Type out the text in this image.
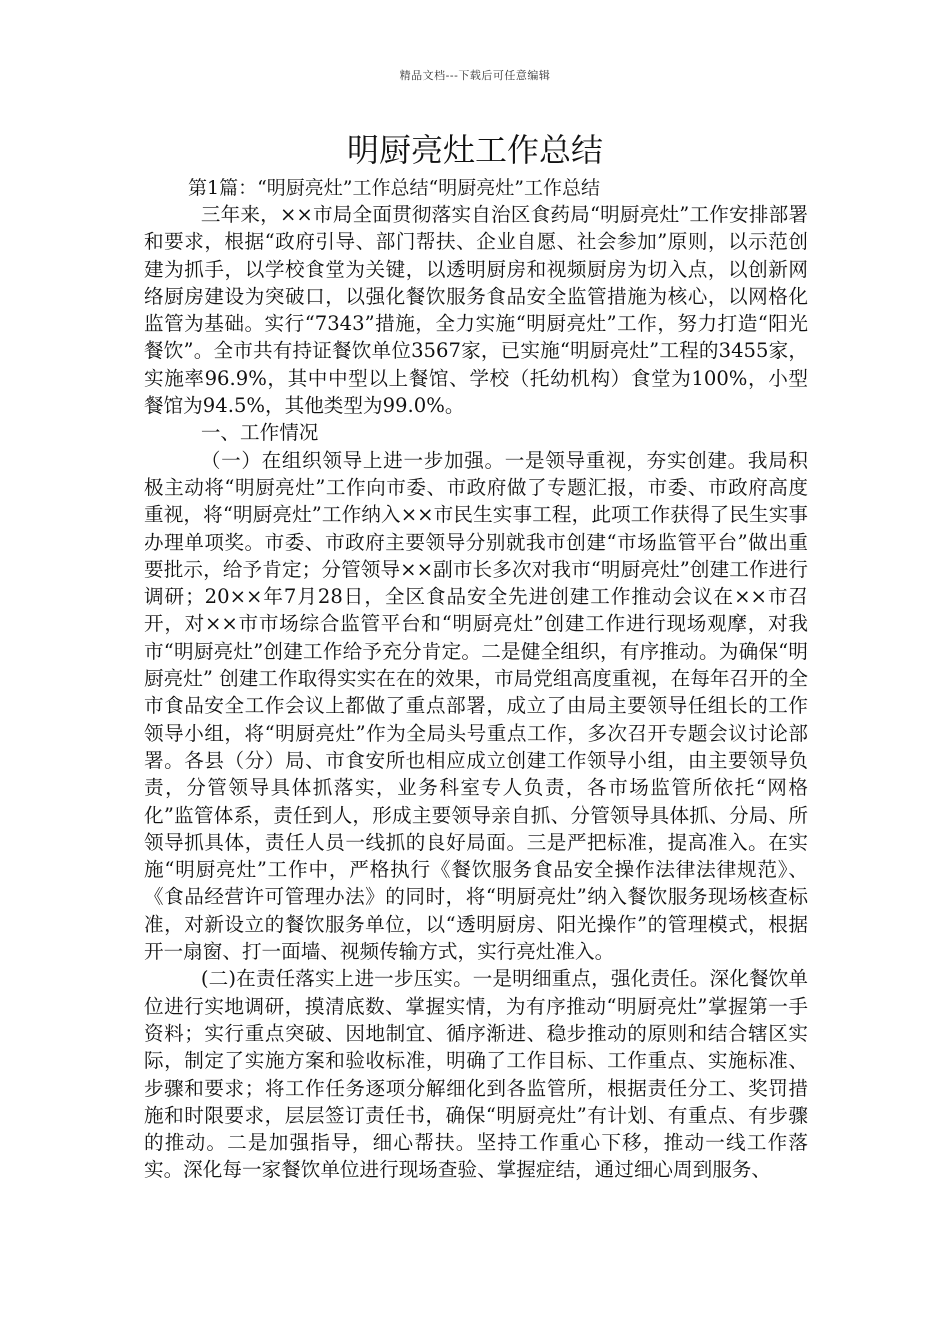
精品文档---下载后可任意编辑
明厨亮灶工作总结
第1篇：“明厨亮灶”工作总结“明厨亮灶”工作总结

三年来，××市局全面贯彻落实自治区食药局“明厨亮灶”工作安排部署和要求，根据“政府引导、部门帮扶、企业自愿、社会参加”原则，以示范创建为抓手，以学校食堂为关键，以透明厨房和视频厨房为切入点，以创新网络厨房建设为突破口，以强化餐饮服务食品安全监管措施为核心，以网格化监管为基础。实行“7343”措施，全力实施“明厨亮灶”工作，努力打造“阳光餐饮”。全市共有持证餐饮单位3567家，已实施“明厨亮灶”工程的3455家，实施率96.9%，其中中型以上餐馆、学校（托幼机构）食堂为100%，小型餐馆为94.5%，其他类型为99.0%。

一、工作情况

（一）在组织领导上进一步加强。一是领导重视，夯实创建。我局积极主动将“明厨亮灶”工作向市委、市政府做了专题汇报，市委、市政府高度重视，将“明厨亮灶”工作纳入××市民生实事工程，此项工作获得了民生实事办理单项奖。市委、市政府主要领导分别就我市创建“市场监管平台”做出重要批示，给予肯定；分管领导××副市长多次对我市“明厨亮灶”创建工作进行调研；20××年7月28日，全区食品安全先进创建工作推动会议在××市召开，对××市市场综合监管平台和“明厨亮灶”创建工作进行现场观摩，对我市“明厨亮灶”创建工作给予充分肯定。二是健全组织，有序推动。为确保“明厨亮灶” 创建工作取得实实在在的效果，市局党组高度重视，在每年召开的全市食品安全工作会议上都做了重点部署，成立了由局主要领导任组长的工作领导小组，将“明厨亮灶”作为全局头号重点工作，多次召开专题会议讨论部署。各县（分）局、市食安所也相应成立创建工作领导小组，由主要领导负责，分管领导具体抓落实，业务科室专人负责，各市场监管所依托“网格化”监管体系，责任到人，形成主要领导亲自抓、分管领导具体抓、分局、所领导抓具体，责任人员一线抓的良好局面。三是严把标准，提高准入。在实施“明厨亮灶”工作中，严格执行《餐饮服务食品安全操作法律法律规范》、《食品经营许可管理办法》的同时，将“明厨亮灶”纳入餐饮服务现场核查标准，对新设立的餐饮服务单位，以“透明厨房、阳光操作”的管理模式，根据开一扇窗、打一面墙、视频传输方式，实行亮灶准入。

(二)在责任落实上进一步压实。一是明细重点，强化责任。深化餐饮单位进行实地调研，摸清底数、掌握实情，为有序推动“明厨亮灶”掌握第一手资料；实行重点突破、因地制宜、循序渐进、稳步推动的原则和结合辖区实际，制定了实施方案和验收标准，明确了工作目标、工作重点、实施标准、步骤和要求；将工作任务逐项分解细化到各监管所，根据责任分工、奖罚措施和时限要求，层层签订责任书，确保“明厨亮灶”有计划、有重点、有步骤的推动。二是加强指导，细心帮扶。坚持工作重心下移，推动一线工作落实。深化每一家餐饮单位进行现场查验、掌握症结，通过细心周到服务、
